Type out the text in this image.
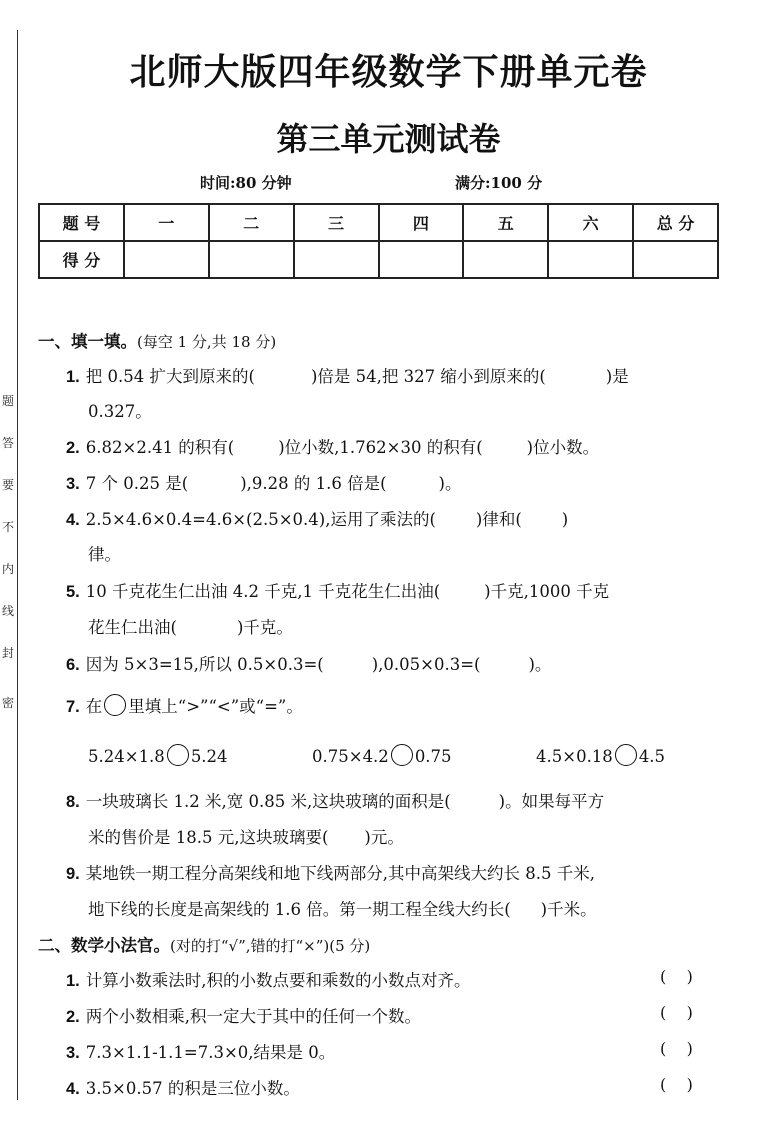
题
答
要
不
内
线
封
密
北师大版四年级数学下册单元卷
第三单元测试卷
时间:80 分钟	满分:100 分
题 号	一	二	三	四	五	六	总 分
得 分							
一、填一填。(每空 1 分,共 18 分)
1. 把 0.54 扩大到原来的(	)倍是 54,把 327 缩小到原来的(	)是
0.327。
2. 6.82×2.41 的积有(	)位小数,1.762×30 的积有(	)位小数。
3. 7 个 0.25 是(	),9.28 的 1.6 倍是(	)。
4. 2.5×4.6×0.4=4.6×(2.5×0.4),运用了乘法的( )律和( )
律。
5. 10 千克花生仁出油 4.2 千克,1 千克花生仁出油(	)千克,1000 千克
花生仁出油(	)千克。
6. 因为 5×3=15,所以 0.5×0.3=(	),0.05×0.3=(	)。
7. 在 里填上“>”“<”或“=”。
5.24×1.8 5.24	0.75×4.2 0.75	4.5×0.18 4.5
8. 一块玻璃长 1.2 米,宽 0.85 米,这块玻璃的面积是(	)。如果每平方
米的售价是 18.5 元,这块玻璃要( )元。
9. 某地铁一期工程分高架线和地下线两部分,其中高架线大约长 8.5 千米,
地下线的长度是高架线的 1.6 倍。第一期工程全线大约长( )千米。
二、数学小法官。(对的打“√”,错的打“×”)(5 分)
1. 计算小数乘法时,积的小数点要和乘数的小数点对齐。	(    )
2. 两个小数相乘,积一定大于其中的任何一个数。	(    )
3. 7.3×1.1-1.1=7.3×0,结果是 0。	(    )
4. 3.5×0.57 的积是三位小数。	(    )
